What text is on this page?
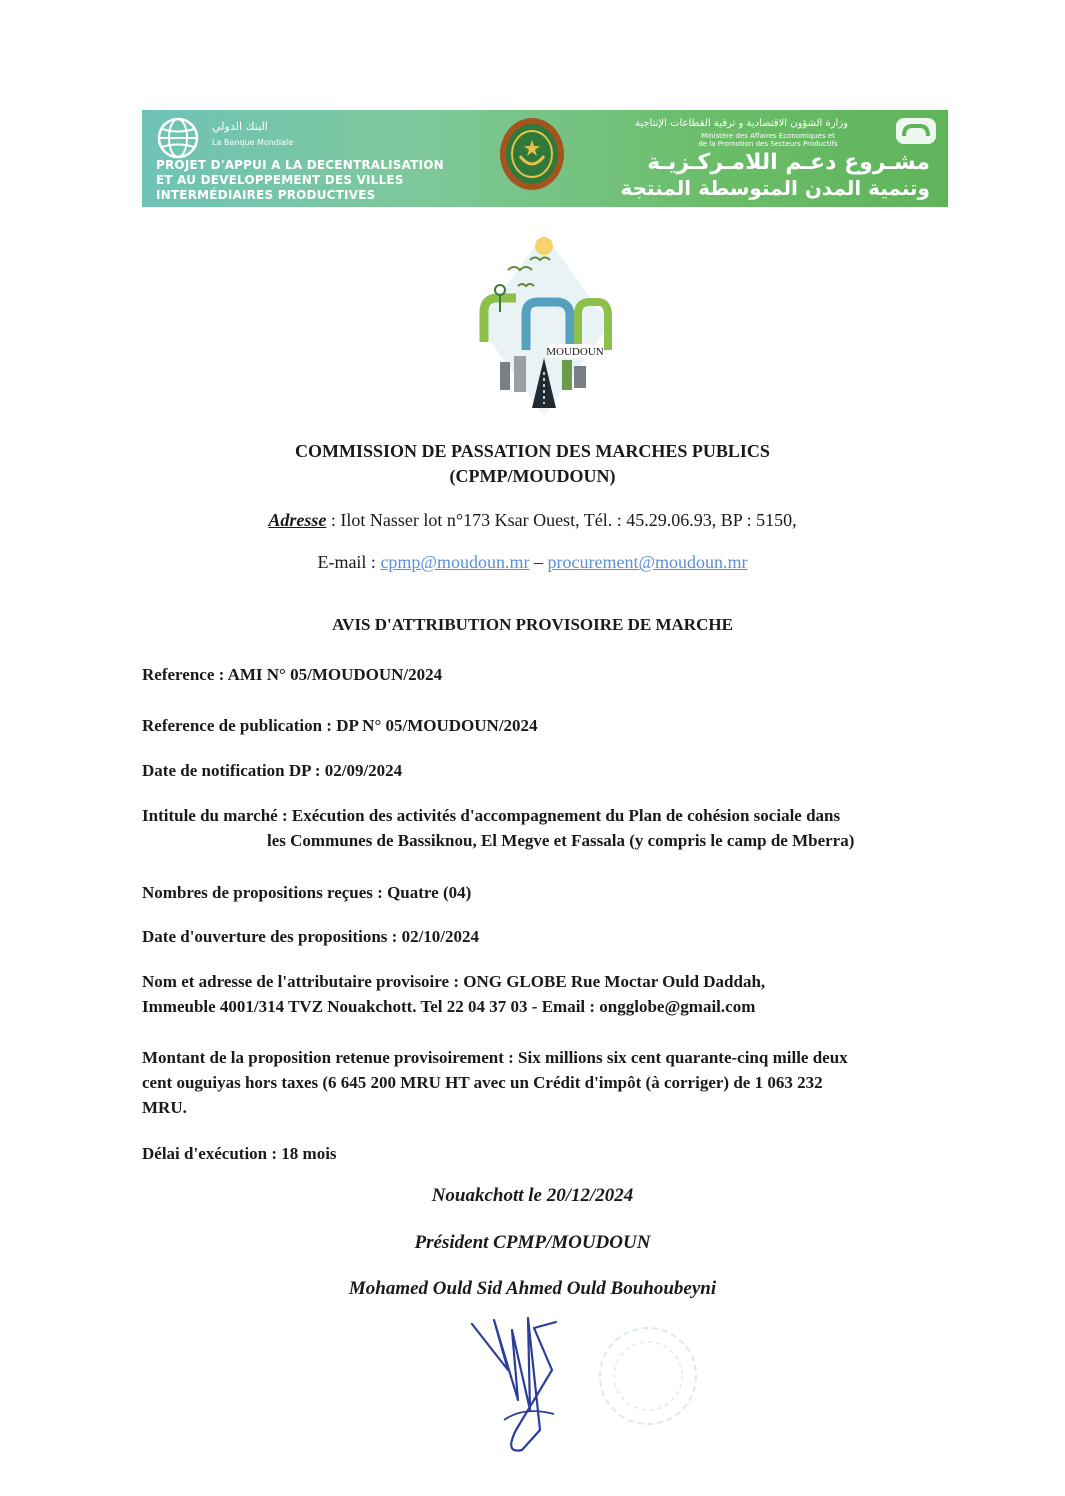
البنك الدولي
La Banque Mondiale
PROJET D'APPUI A LA DECENTRALISATION
ET AU DEVELOPPEMENT DES VILLES
INTERMÉDIAIRES PRODUCTIVES
وزارة الشؤون الاقتصادية و ترقية القطاعات الإنتاجية
Ministère des Affaires Economiques et de la Promotion des Secteurs Productifs
مشـروع دعـم اللامـركـزيـة
وتنمية المدن المتوسطة المنتجة
MOUDOUN
COMMISSION DE PASSATION DES MARCHES PUBLICS
(CPMP/MOUDOUN)
Adresse : Ilot Nasser lot n°173 Ksar Ouest, Tél. : 45.29.06.93, BP : 5150,
E-mail : cpmp@moudoun.mr – procurement@moudoun.mr
AVIS D'ATTRIBUTION PROVISOIRE DE MARCHE
Reference : AMI N° 05/MOUDOUN/2024
Reference de publication : DP N° 05/MOUDOUN/2024
Date de notification DP : 02/09/2024
Intitule du marché : Exécution des activités d'accompagnement du Plan de cohésion sociale dans
les Communes de Bassiknou, El Megve et Fassala (y compris le camp de Mberra)
Nombres de propositions reçues : Quatre (04)
Date d'ouverture des propositions : 02/10/2024
Nom et adresse de l'attributaire provisoire : ONG GLOBE Rue Moctar Ould Daddah,
Immeuble 4001/314 TVZ Nouakchott. Tel 22 04 37 03 - Email : ongglobe@gmail.com
Montant de la proposition retenue provisoirement : Six millions six cent quarante-cinq mille deux
cent ouguiyas hors taxes (6 645 200 MRU HT avec un Crédit d'impôt (à corriger) de 1 063 232
MRU.
Délai d'exécution : 18 mois
Nouakchott le 20/12/2024
Président CPMP/MOUDOUN
Mohamed Ould Sid Ahmed Ould Bouhoubeyni
